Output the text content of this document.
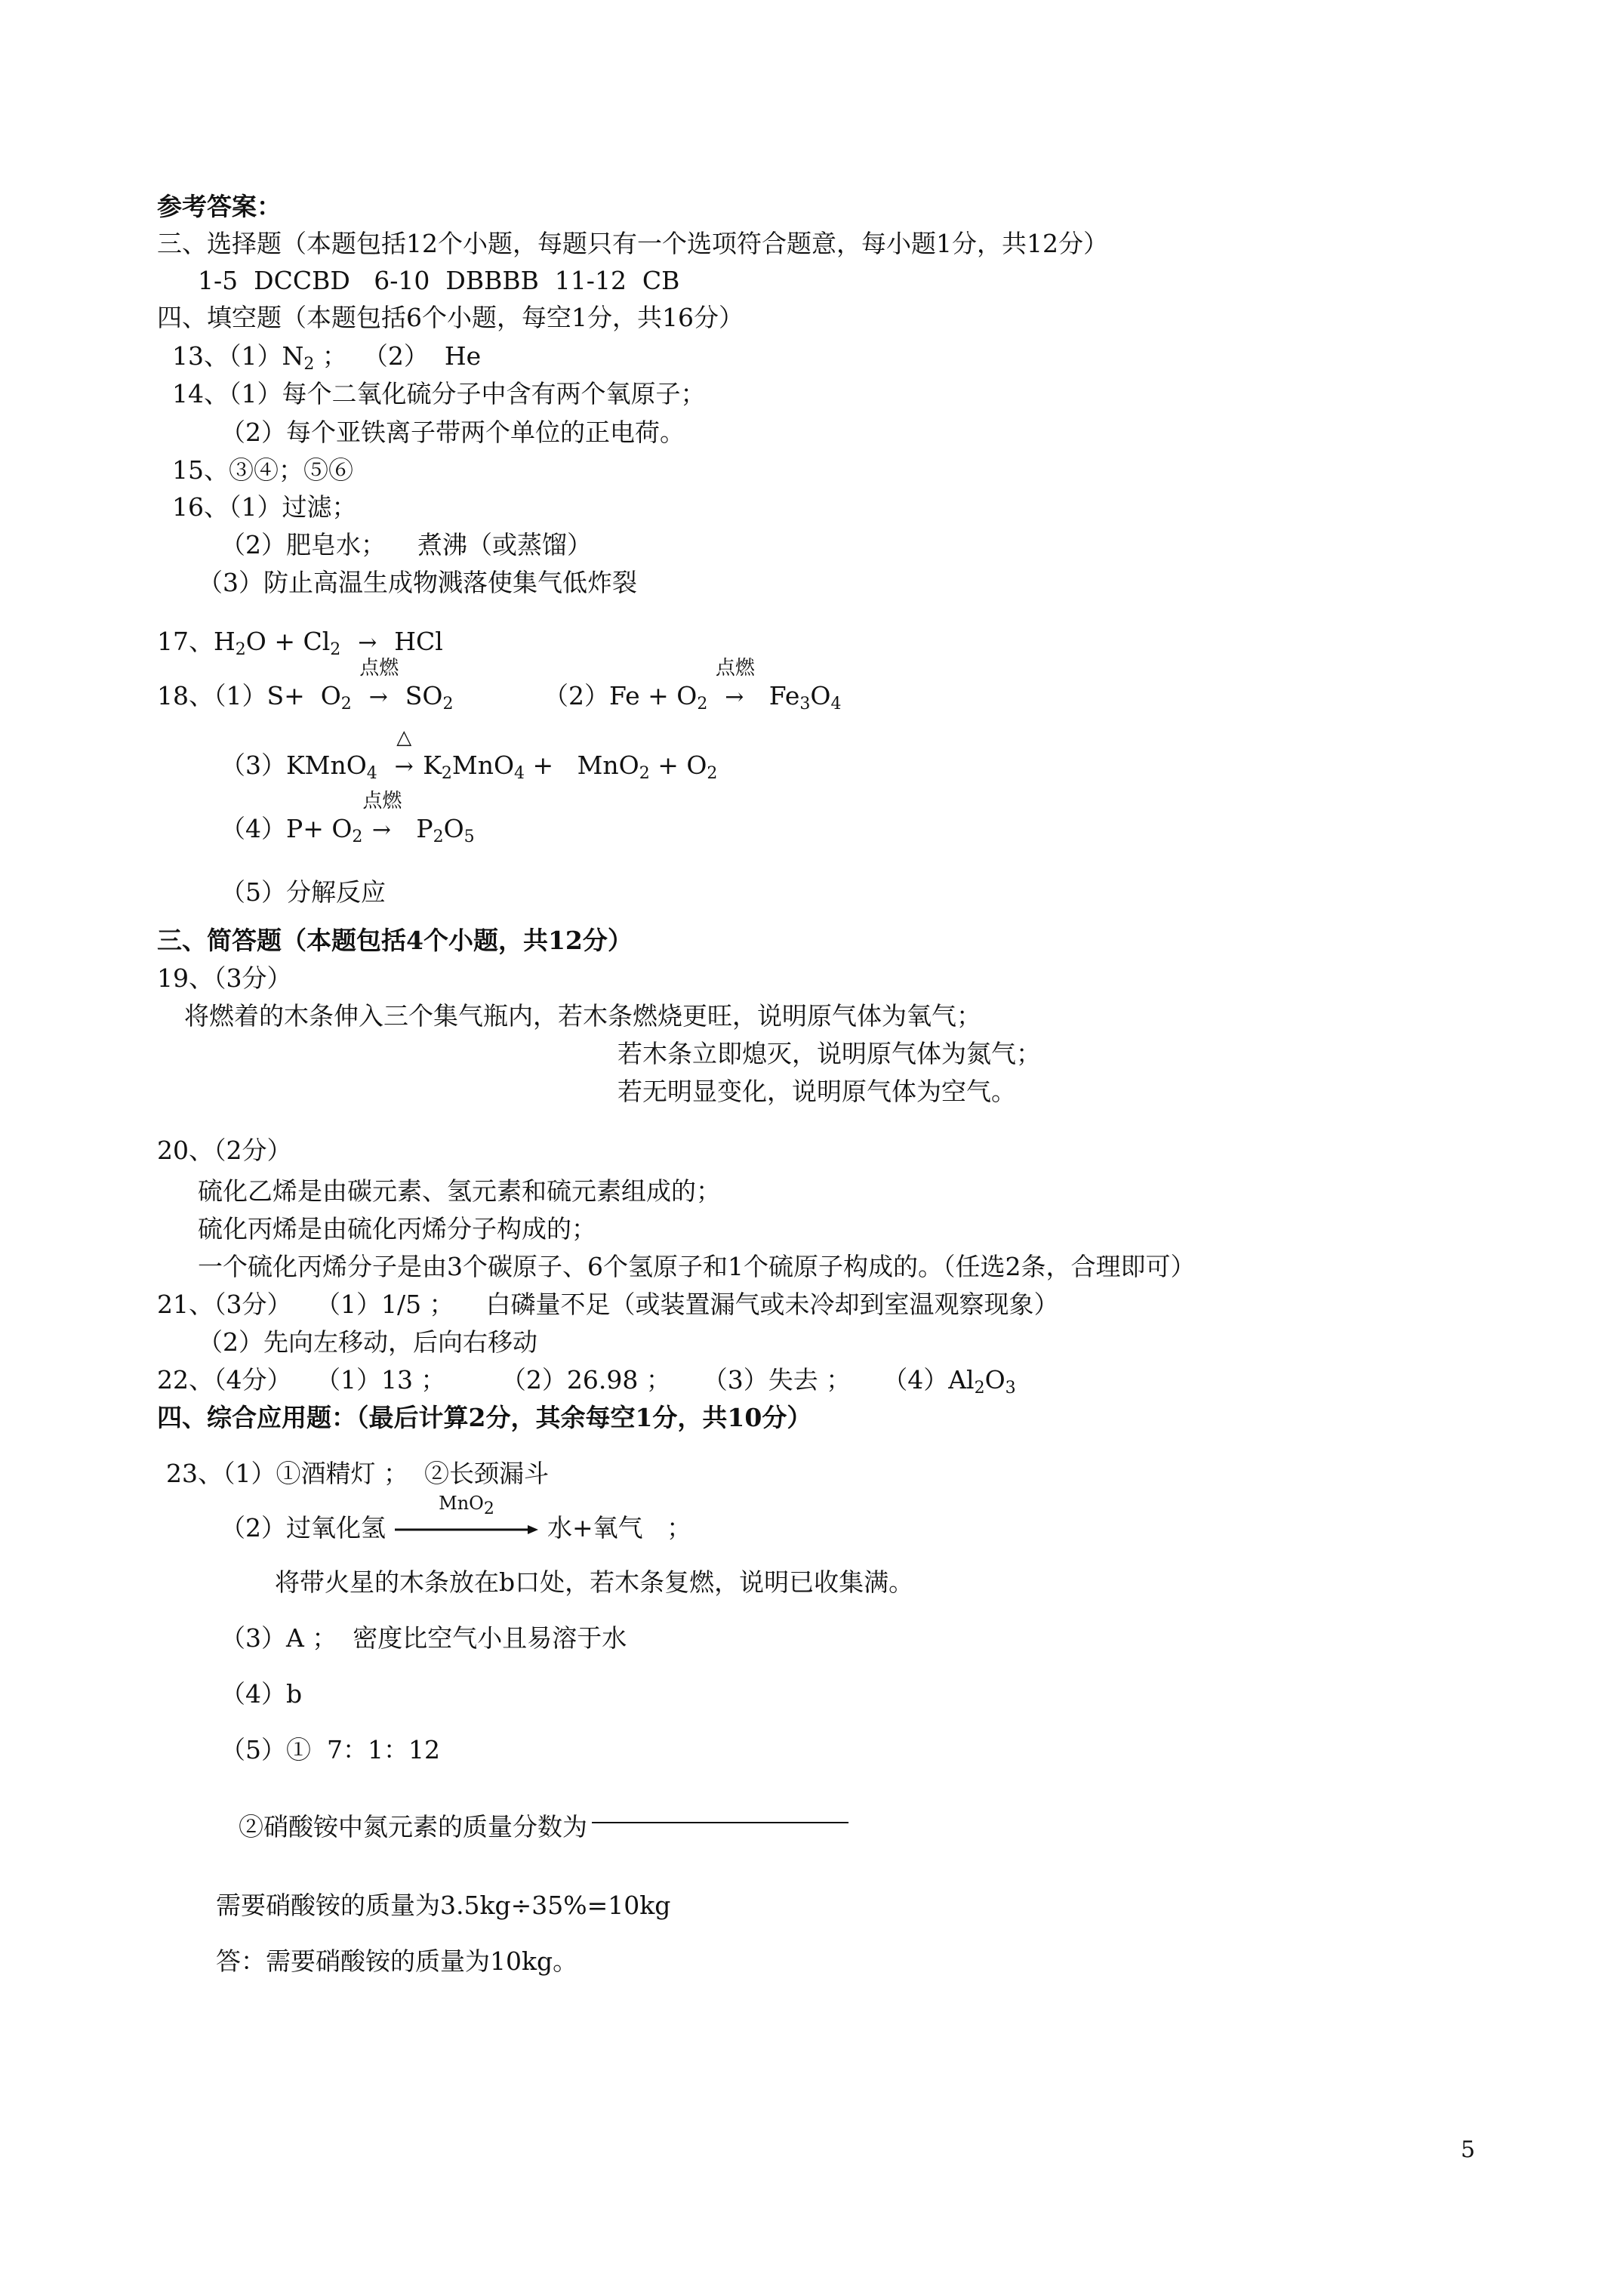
参考答案：
三、选择题（本题包括12个小题，每题只有一个选项符合题意，每小题1分，共12分）
1-5  DCCBD   6-10  DBBBB  11-12  CB
四、填空题（本题包括6个小题，每空1分，共16分）
13、$(1)N_2$ ；  （2）  He
14、（1）每个二氧化硫分子中含有两个氧原子；
（2）每个亚铁离子带两个单位的正电荷。
15、③④；⑤⑥
16、（1）过滤；
（2）肥皂水；    煮沸（或蒸馏）
（3）防止高温生成物溅落使集气低炸裂
17、$H_2O + Cl_2$ → HCl
18、$(1)S+ O_2$
点燃
→ $SO_2$	$(2)Fe + O_2$
点燃
→  $Fe_3O_4$
（3）KMnO$_4$
△
→ $K_2MnO_4 + MnO_2 + O_2$
$(4)P+ O_2$
点燃
→  $P_2O_5$
（5）分解反应
三、简答题（本题包括4个小题，共12分）
19、（3分）
将燃着的木条伸入三个集气瓶内，若木条燃烧更旺，说明原气体为氧气；
若木条立即熄灭，说明原气体为氮气；
若无明显变化，说明原气体为空气。
20、（2分）
硫化乙烯是由碳元素、氢元素和硫元素组成的；
硫化丙烯是由硫化丙烯分子构成的；
一个硫化丙烯分子是由3个碳原子、6个氢原子和1个硫原子构成的。（任选2条，合理即可）
21、（3分）   （1）1/5 ；    白磷量不足（或装置漏气或未冷却到室温观察现象）
（2）先向左移动，后向右移动
22、（4分）   （1）13 ；       （2）26.98 ；    （3）失去 ；    $(4)Al_2O_3$
四、综合应用题：（最后计算2分，其余每空1分，共10分）
23、（1）①酒精灯 ；  ②长颈漏斗
（2）过氧化氢
MnO$_2$
水+氧气   ；
将带火星的木条放在b口处，若木条复燃，说明已收集满。
（3）A ；  密度比空气小且易溶于水
（4）b
（5）①  7：1：12
②硝酸铵中氮元素的质量分数为
需要硝酸铵的质量为3.5kg÷35%=10kg
答：需要硝酸铵的质量为10kg。
5
